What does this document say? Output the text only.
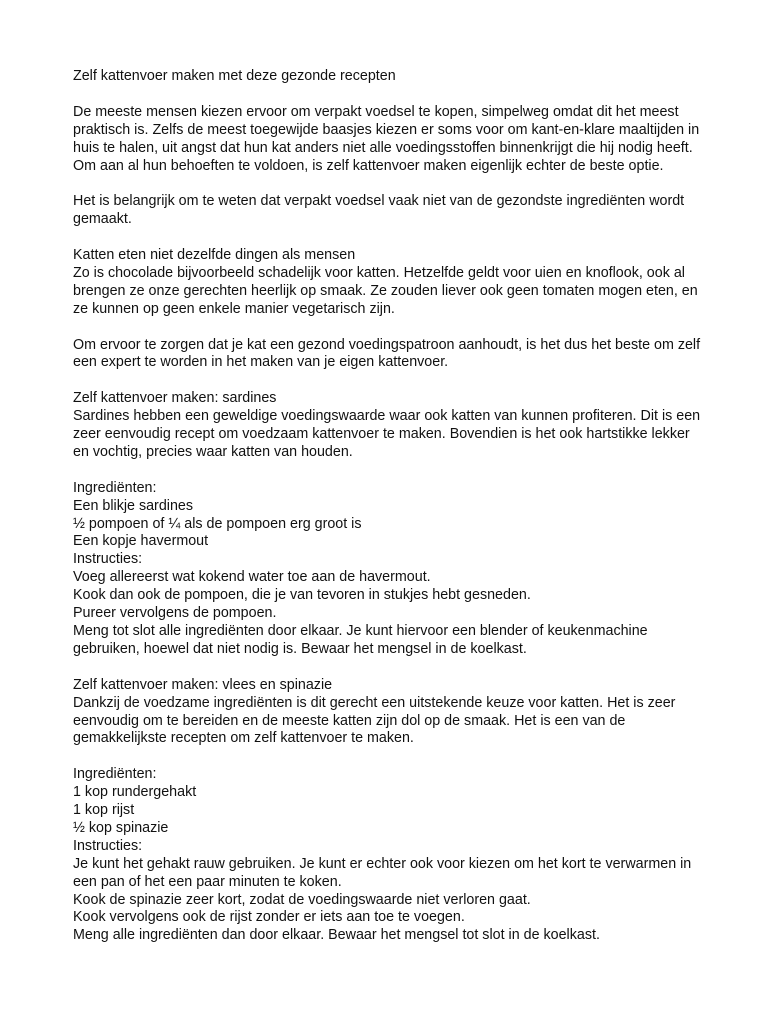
Zelf kattenvoer maken met deze gezonde recepten
De meeste mensen kiezen ervoor om verpakt voedsel te kopen, simpelweg omdat dit het meest
praktisch is. Zelfs de meest toegewijde baasjes kiezen er soms voor om kant-en-klare maaltijden in
huis te halen, uit angst dat hun kat anders niet alle voedingsstoffen binnenkrijgt die hij nodig heeft.
Om aan al hun behoeften te voldoen, is zelf kattenvoer maken eigenlijk echter de beste optie.
Het is belangrijk om te weten dat verpakt voedsel vaak niet van de gezondste ingrediënten wordt
gemaakt.
Katten eten niet dezelfde dingen als mensen
Zo is chocolade bijvoorbeeld schadelijk voor katten. Hetzelfde geldt voor uien en knoflook, ook al
brengen ze onze gerechten heerlijk op smaak. Ze zouden liever ook geen tomaten mogen eten, en
ze kunnen op geen enkele manier vegetarisch zijn.
Om ervoor te zorgen dat je kat een gezond voedingspatroon aanhoudt, is het dus het beste om zelf
een expert te worden in het maken van je eigen kattenvoer.
Zelf kattenvoer maken: sardines
Sardines hebben een geweldige voedingswaarde waar ook katten van kunnen profiteren. Dit is een
zeer eenvoudig recept om voedzaam kattenvoer te maken. Bovendien is het ook hartstikke lekker
en vochtig, precies waar katten van houden.
Ingrediënten:
Een blikje sardines
½ pompoen of ¼ als de pompoen erg groot is
Een kopje havermout
Instructies:
Voeg allereerst wat kokend water toe aan de havermout.
Kook dan ook de pompoen, die je van tevoren in stukjes hebt gesneden.
Pureer vervolgens de pompoen.
Meng tot slot alle ingrediënten door elkaar. Je kunt hiervoor een blender of keukenmachine
gebruiken, hoewel dat niet nodig is. Bewaar het mengsel in de koelkast.
Zelf kattenvoer maken: vlees en spinazie
Dankzij de voedzame ingrediënten is dit gerecht een uitstekende keuze voor katten. Het is zeer
eenvoudig om te bereiden en de meeste katten zijn dol op de smaak. Het is een van de
gemakkelijkste recepten om zelf kattenvoer te maken.
Ingrediënten:
1 kop rundergehakt
1 kop rijst
½ kop spinazie
Instructies:
Je kunt het gehakt rauw gebruiken. Je kunt er echter ook voor kiezen om het kort te verwarmen in
een pan of het een paar minuten te koken.
Kook de spinazie zeer kort, zodat de voedingswaarde niet verloren gaat.
Kook vervolgens ook de rijst zonder er iets aan toe te voegen.
Meng alle ingrediënten dan door elkaar. Bewaar het mengsel tot slot in de koelkast.
